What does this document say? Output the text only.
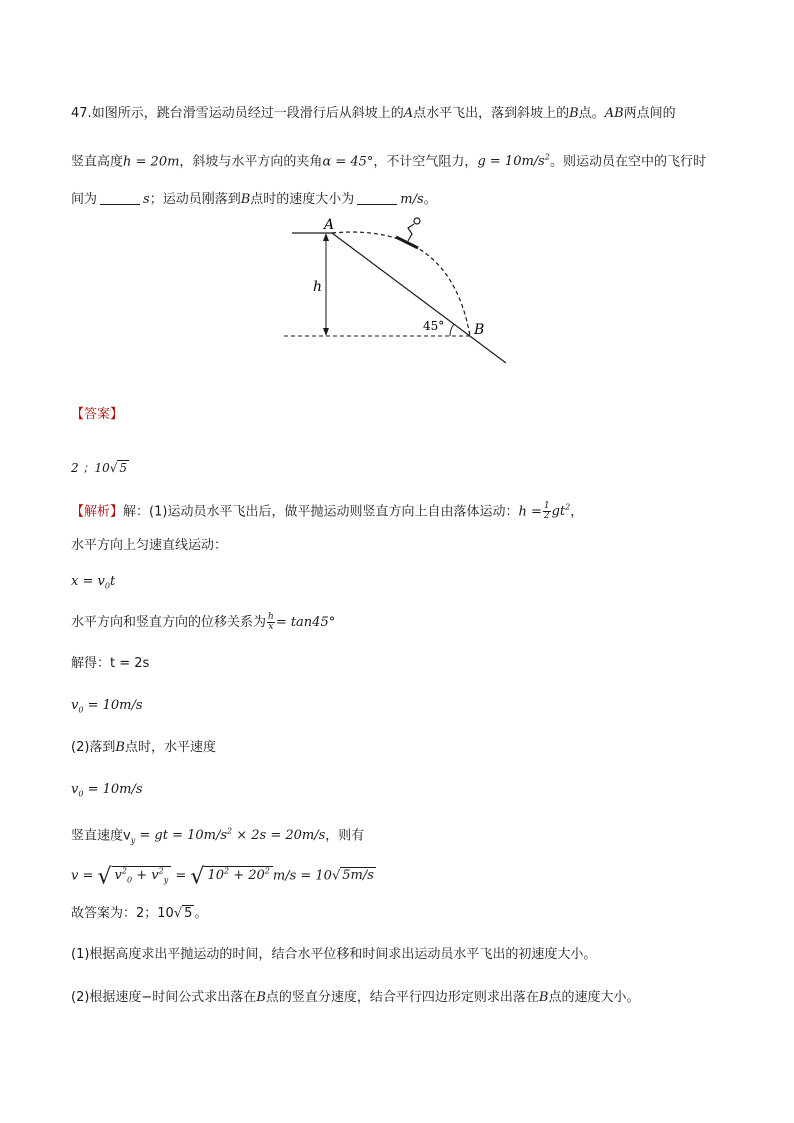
47.如图所示，跳台滑雪运动员经过一段滑行后从斜坡上的A点水平飞出，落到斜坡上的B点。AB两点间的
竖直高度h = 20m，斜坡与水平方向的夹角α = 45°，不计空气阻力，$g = 10m/s^2$。则运动员在空中的飞行时
间为	s；运动员刚落到B点时的速度大小为	m/s。
A
B
h
45°
【答案】
2 ；10√ 5
【解析】解：(1)运动员水平飞出后，做平抛运动则竖直方向上自由落体运动：$h = \frac{1}{2} gt^2$，
水平方向上匀速直线运动：
$x = v_0t$
水平方向和竖直方向的位移关系为 $\frac{h}{x} = \tan 45^\circ$
解得：t = 2s
$v_0 = 10m/s$
(2)落到B点时，水平速度
$v_0 = 10m/s$
竖直速度$v_y$ = gt = $10m/s^2 \times 2s = 20m/s$，则有
v = √ $v^2_0 + v^2_y$ = √ $10^2 + 20^2$ m/s = 10√ 5m/s
故答案为：2；10√ 5 。
(1)根据高度求出平抛运动的时间，结合水平位移和时间求出运动员水平飞出的初速度大小。
(2)根据速度−时间公式求出落在B点的竖直分速度，结合平行四边形定则求出落在B点的速度大小。
